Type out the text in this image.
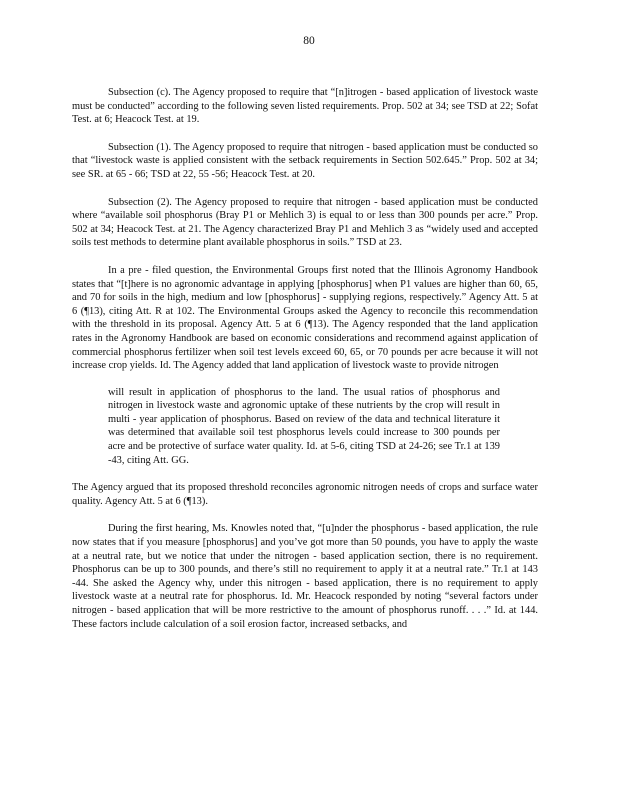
80

Subsection (c). The Agency proposed to require that “[n]itrogen - based application of livestock waste must be conducted” according to the following seven listed requirements. Prop. 502 at 34; see TSD at 22; Sofat Test. at 6; Heacock Test. at 19.

Subsection (1). The Agency proposed to require that nitrogen - based application must be conducted so that “livestock waste is applied consistent with the setback requirements in Section 502.645.” Prop. 502 at 34; see SR. at 65 - 66; TSD at 22, 55 -56; Heacock Test. at 20.

Subsection (2). The Agency proposed to require that nitrogen - based application must be conducted where “available soil phosphorus (Bray P1 or Mehlich 3) is equal to or less than 300 pounds per acre.” Prop. 502 at 34; Heacock Test. at 21. The Agency characterized Bray P1 and Mehlich 3 as “widely used and accepted soils test methods to determine plant available phosphorus in soils.” TSD at 23.

In a pre - filed question, the Environmental Groups first noted that the Illinois Agronomy Handbook states that “[t]here is no agronomic advantage in applying [phosphorus] when P1 values are higher than 60, 65, and 70 for soils in the high, medium and low [phosphorus] - supplying regions, respectively.” Agency Att. 5 at 6 (¶13), citing Att. R at 102. The Environmental Groups asked the Agency to reconcile this recommendation with the threshold in its proposal. Agency Att. 5 at 6 (¶13). The Agency responded that the land application rates in the Agronomy Handbook are based on economic considerations and recommend against application of commercial phosphorus fertilizer when soil test levels exceed 60, 65, or 70 pounds per acre because it will not increase crop yields. Id. The Agency added that land application of livestock waste to provide nitrogen

will result in application of phosphorus to the land. The usual ratios of phosphorus and nitrogen in livestock waste and agronomic uptake of these nutrients by the crop will result in multi - year application of phosphorus. Based on review of the data and technical literature it was determined that available soil test phosphorus levels could increase to 300 pounds per acre and be protective of surface water quality. Id. at 5-6, citing TSD at 24-26; see Tr.1 at 139 -43, citing Att. GG.

The Agency argued that its proposed threshold reconciles agronomic nitrogen needs of crops and surface water quality. Agency Att. 5 at 6 (¶13).

During the first hearing, Ms. Knowles noted that, “[u]nder the phosphorus - based application, the rule now states that if you measure [phosphorus] and you’ve got more than 50 pounds, you have to apply the waste at a neutral rate, but we notice that under the nitrogen - based application section, there is no requirement. Phosphorus can be up to 300 pounds, and there’s still no requirement to apply it at a neutral rate.” Tr.1 at 143 -44. She asked the Agency why, under this nitrogen - based application, there is no requirement to apply livestock waste at a neutral rate for phosphorus. Id. Mr. Heacock responded by noting “several factors under nitrogen - based application that will be more restrictive to the amount of phosphorus runoff. . . .” Id. at 144. These factors include calculation of a soil erosion factor, increased setbacks, and
